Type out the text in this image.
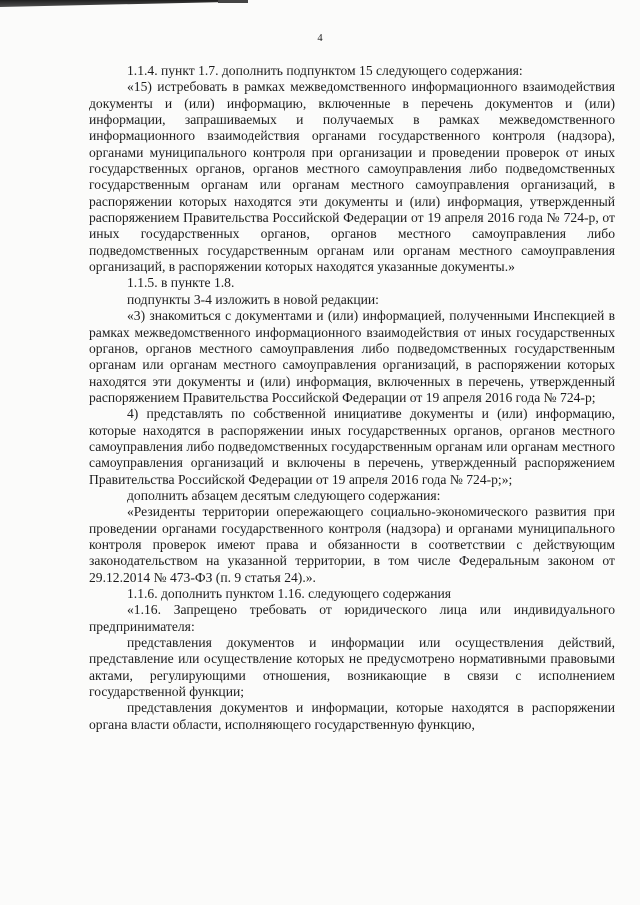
4

1.1.4. пункт 1.7. дополнить подпунктом 15 следующего содержания:

«15) истребовать в рамках межведомственного информационного взаимодействия документы и (или) информацию, включенные в перечень документов и (или) информации, запрашиваемых и получаемых в рамках межведомственного информационного взаимодействия органами государственного контроля (надзора), органами муниципального контроля при организации и проведении проверок от иных государственных органов, органов местного самоуправления либо подведомственных государственным органам или органам местного самоуправления организаций, в распоряжении которых находятся эти документы и (или) информация, утвержденный распоряжением Правительства Российской Федерации от 19 апреля 2016 года № 724-р, от иных государственных органов, органов местного самоуправления либо подведомственных государственным органам или органам местного самоуправления организаций, в распоряжении которых находятся указанные документы.»

1.1.5. в пункте 1.8.

подпункты 3-4 изложить в новой редакции:

«3) знакомиться с документами и (или) информацией, полученными Инспекцией в рамках межведомственного информационного взаимодействия от иных государственных органов, органов местного самоуправления либо подведомственных государственным органам или органам местного самоуправления организаций, в распоряжении которых находятся эти документы и (или) информация, включенных в перечень, утвержденный распоряжением Правительства Российской Федерации от 19 апреля 2016 года № 724-р;

4) представлять по собственной инициативе документы и (или) информацию, которые находятся в распоряжении иных государственных органов, органов местного самоуправления либо подведомственных государственным органам или органам местного самоуправления организаций и включены в перечень, утвержденный распоряжением Правительства Российской Федерации от 19 апреля 2016 года № 724-р;»;

дополнить абзацем десятым следующего содержания:

«Резиденты территории опережающего социально-экономического развития при проведении органами государственного контроля (надзора) и органами муниципального контроля проверок имеют права и обязанности в соответствии с действующим законодательством на указанной территории, в том числе Федеральным законом от 29.12.2014 № 473-ФЗ (п. 9 статья 24).».

1.1.6. дополнить пунктом 1.16. следующего содержания

«1.16. Запрещено требовать от юридического лица или индивидуального предпринимателя:

представления документов и информации или осуществления действий, представление или осуществление которых не предусмотрено нормативными правовыми актами, регулирующими отношения, возникающие в связи с исполнением государственной функции;

представления документов и информации, которые находятся в распоряжении органа власти области, исполняющего государственную функцию,
